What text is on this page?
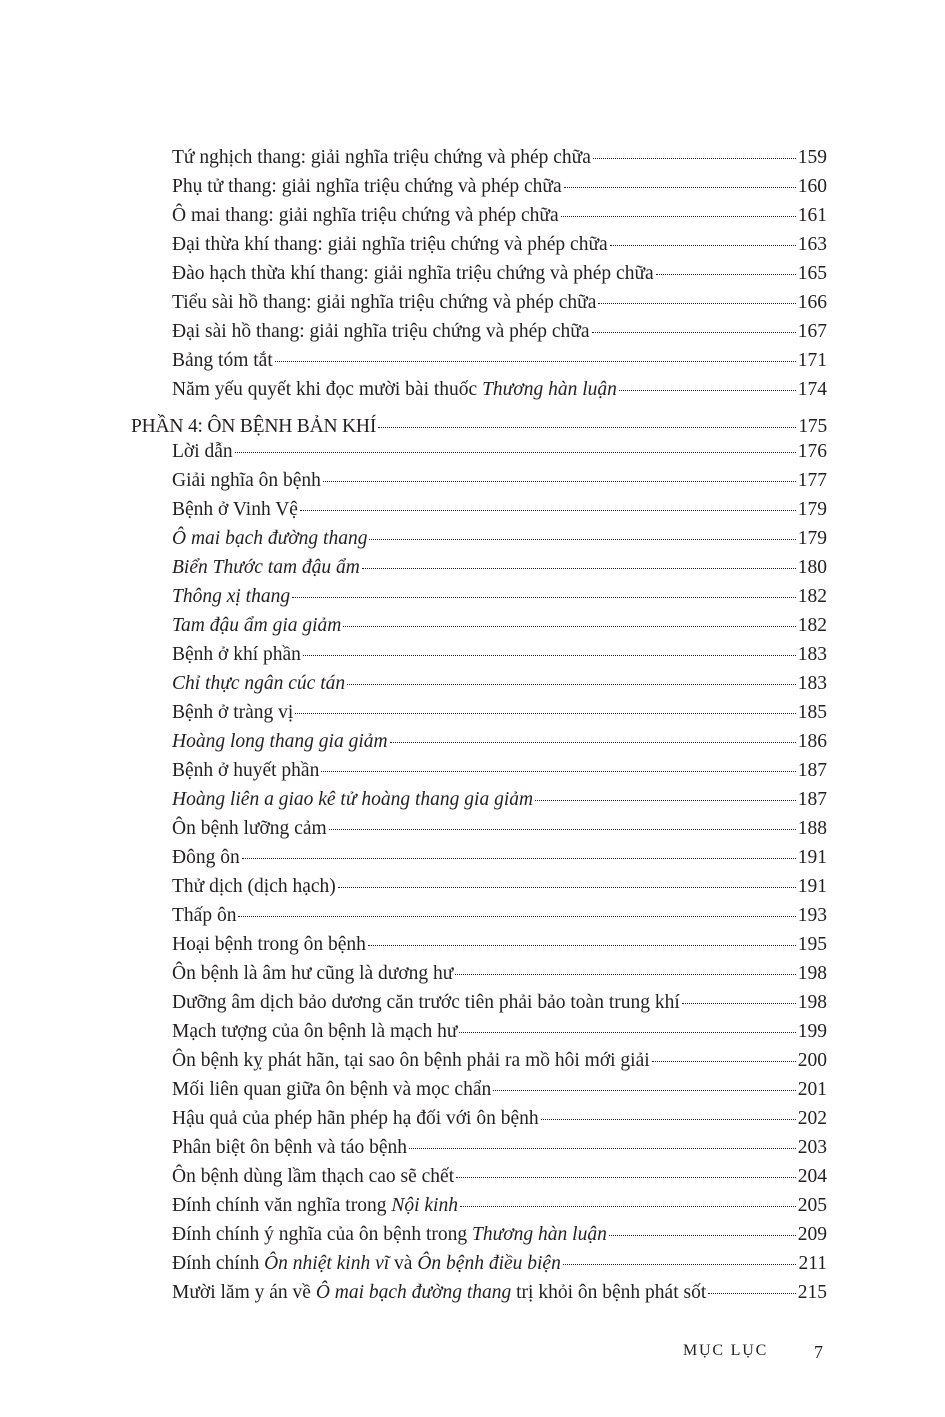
Tứ nghịch thang: giải nghĩa triệu chứng và phép chữa	159
Phụ tử thang: giải nghĩa triệu chứng và phép chữa	160
Ô mai thang: giải nghĩa triệu chứng và phép chữa	161
Đại thừa khí thang: giải nghĩa triệu chứng và phép chữa	163
Đào hạch thừa khí thang: giải nghĩa triệu chứng và phép chữa	165
Tiểu sài hồ thang: giải nghĩa triệu chứng và phép chữa	166
Đại sài hồ thang: giải nghĩa triệu chứng và phép chữa	167
Bảng tóm tắt	171
Năm yếu quyết khi đọc mười bài thuốc Thương hàn luận	174
PHẦN 4: ÔN BỆNH BẢN KHÍ	175
Lời dẫn	176
Giải nghĩa ôn bệnh	177
Bệnh ở Vinh Vệ	179
Ô mai bạch đường thang	179
Biển Thước tam đậu ẩm	180
Thông xị thang	182
Tam đậu ẩm gia giảm	182
Bệnh ở khí phần	183
Chỉ thực ngân cúc tán	183
Bệnh ở tràng vị	185
Hoàng long thang gia giảm	186
Bệnh ở huyết phần	187
Hoàng liên a giao kê tử hoàng thang gia giảm	187
Ôn bệnh lưỡng cảm	188
Đông ôn	191
Thử dịch (dịch hạch)	191
Thấp ôn	193
Hoại bệnh trong ôn bệnh	195
Ôn bệnh là âm hư cũng là dương hư	198
Dưỡng âm dịch bảo dương căn trước tiên phải bảo toàn trung khí	198
Mạch tượng của ôn bệnh là mạch hư	199
Ôn bệnh kỵ phát hãn, tại sao ôn bệnh phải ra mồ hôi mới giải	200
Mối liên quan giữa ôn bệnh và mọc chẩn	201
Hậu quả của phép hãn phép hạ đối với ôn bệnh	202
Phân biệt ôn bệnh và táo bệnh	203
Ôn bệnh dùng lầm thạch cao sẽ chết	204
Đính chính văn nghĩa trong Nội kinh	205
Đính chính ý nghĩa của ôn bệnh trong Thương hàn luận	209
Đính chính Ôn nhiệt kinh vĩ và Ôn bệnh điều biện	211
Mười lăm y án về Ô mai bạch đường thang trị khỏi ôn bệnh phát sốt	215
MỤC LỤC	7
